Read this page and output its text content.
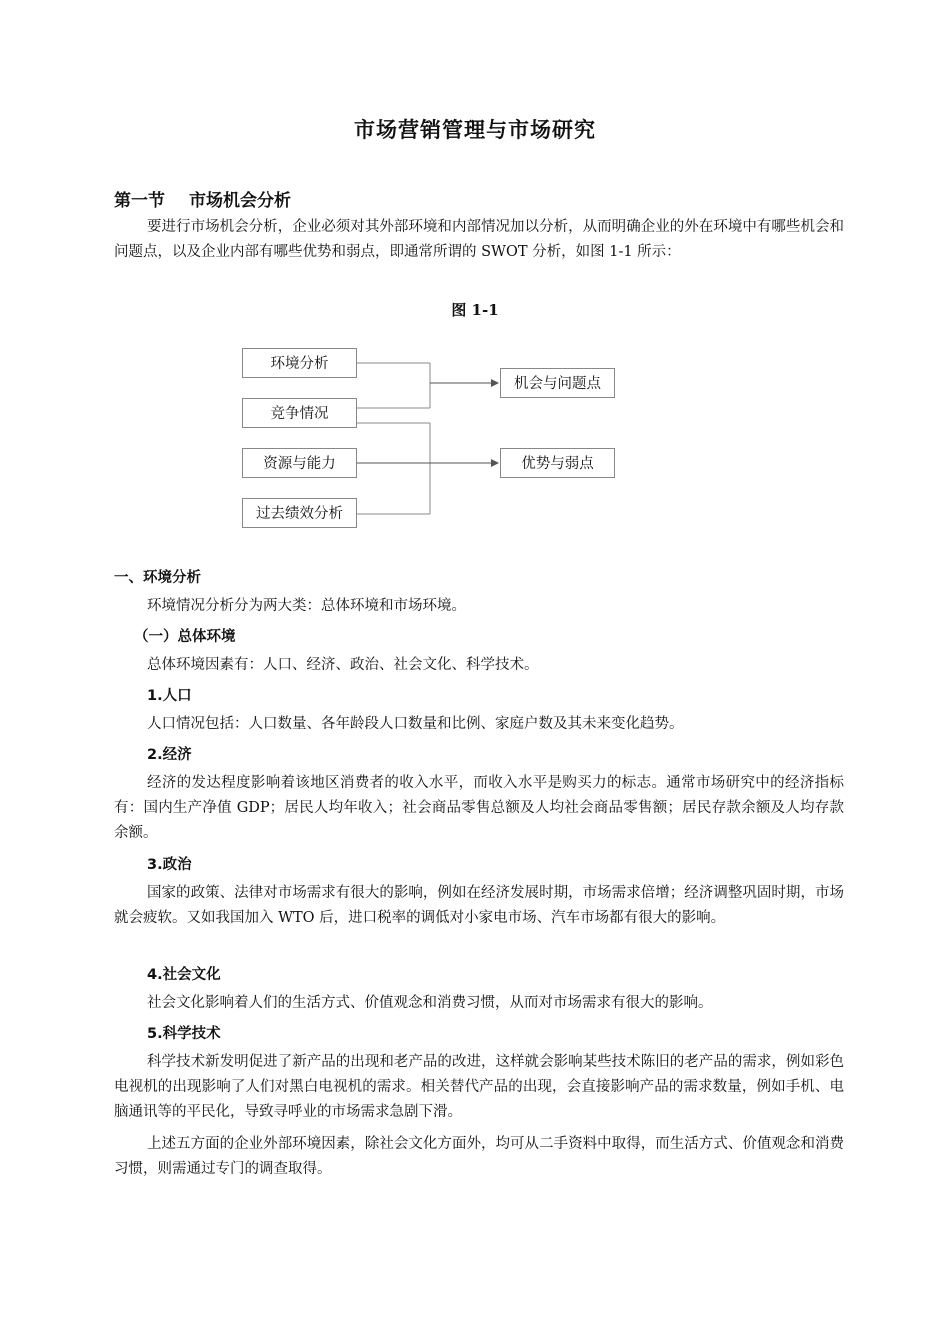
市场营销管理与市场研究
第一节 市场机会分析

要进行市场机会分析，企业必须对其外部环境和内部情况加以分析，从而明确企业的外在环境中有哪些机会和问题点，以及企业内部有哪些优势和弱点，即通常所谓的 SWOT 分析，如图 1-1 所示：

图 1-1

环境分析
竞争情况
资源与能力
过去绩效分析
机会与问题点
优势与弱点
一、环境分析

环境情况分析分为两大类：总体环境和市场环境。

（一）总体环境

总体环境因素有：人口、经济、政治、社会文化、科学技术。

1.人口

人口情况包括：人口数量、各年龄段人口数量和比例、家庭户数及其未来变化趋势。

2.经济

经济的发达程度影响着该地区消费者的收入水平，而收入水平是购买力的标志。通常市场研究中的经济指标有：国内生产净值 GDP；居民人均年收入；社会商品零售总额及人均社会商品零售额；居民存款余额及人均存款余额。

3.政治

国家的政策、法律对市场需求有很大的影响，例如在经济发展时期，市场需求倍增；经济调整巩固时期，市场就会疲软。又如我国加入 WTO 后，进口税率的调低对小家电市场、汽车市场都有很大的影响。

4.社会文化

社会文化影响着人们的生活方式、价值观念和消费习惯，从而对市场需求有很大的影响。

5.科学技术

科学技术新发明促进了新产品的出现和老产品的改进，这样就会影响某些技术陈旧的老产品的需求，例如彩色电视机的出现影响了人们对黑白电视机的需求。相关替代产品的出现，会直接影响产品的需求数量，例如手机、电脑通讯等的平民化，导致寻呼业的市场需求急剧下滑。

上述五方面的企业外部环境因素，除社会文化方面外，均可从二手资料中取得，而生活方式、价值观念和消费习惯，则需通过专门的调查取得。
